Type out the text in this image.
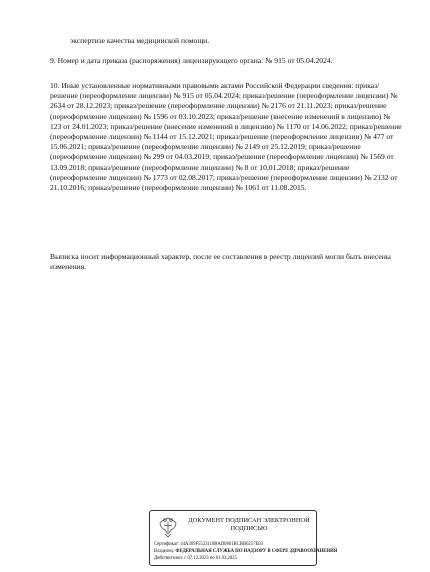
экспертизе качества медицинской помощи.
9. Номер и дата приказа (распоряжения) лицензирующего органа: № 915 от 05.04.2024.
10. Иные установленные нормативными правовыми актами Российской Федерации сведения: приказ/решение (переоформление лицензии) № 915 от 05.04.2024; приказ/решение (переоформление лицензии) № 2634 от 28.12.2023; приказ/решение (переоформление лицензии) № 2176 от 21.11.2023; приказ/решение (переоформление лицензии) № 1596 от 03.10.2023; приказ/решение (внесение изменений в лицензию) № 123 от 24.01.2023; приказ/решение (внесение изменений в лицензию) № 1170 от 14.06.2022; приказ/решение (переоформление лицензии) № 1144 от 15.12.2021; приказ/решение (переоформление лицензии) № 477 от 15.06.2021; приказ/решение (переоформление лицензии) № 2149 от 25.12.2019; приказ/решение (переоформление лицензии) № 299 от 04.03.2019; приказ/решение (переоформление лицензии) № 1569 от 13.09.2018; приказ/решение (переоформление лицензии) № 8 от 10.01.2018; приказ/решение (переоформление лицензии) № 1773 от 02.08.2017; приказ/решение (переоформление лицензии) № 2132 от 21.10.2016; приказ/решение (переоформление лицензии) № 1061 от 11.08.2015.
Выписка носит информационный характер, после ее составления в реестр лицензий могли быть внесены изменения.
ДОКУМЕНТ ПОДПИСАН ЭЛЕКТРОННОЙ ПОДПИСЬЮ
Сертификат: 44A369F5523110BAD0861BCBB0257E03
Владелец: ФЕДЕРАЛЬНАЯ СЛУЖБА ПО НАДЗОРУ В СФЕРЕ ЗДРАВООХРАНЕНИЯ
Действителен: с 07.12.2023 по 01.03.2025
